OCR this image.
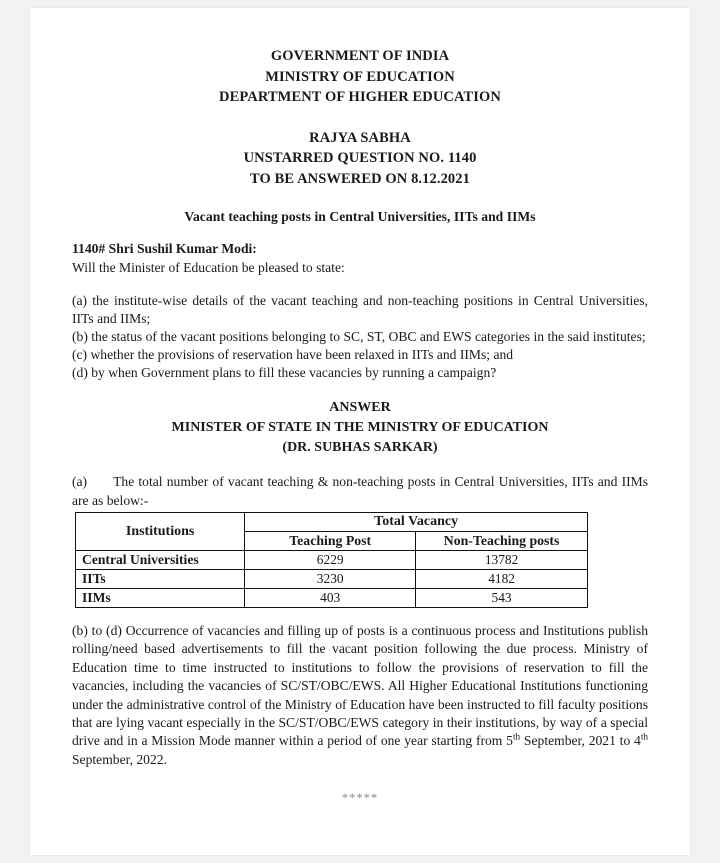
GOVERNMENT OF INDIA
MINISTRY OF EDUCATION
DEPARTMENT OF HIGHER EDUCATION
RAJYA SABHA
UNSTARRED QUESTION NO. 1140
TO BE ANSWERED ON 8.12.2021
Vacant teaching posts in Central Universities, IITs and IIMs
1140# Shri Sushil Kumar Modi:
Will the Minister of Education be pleased to state:
(a) the institute-wise details of the vacant teaching and non-teaching positions in Central Universities, IITs and IIMs;
(b) the status of the vacant positions belonging to SC, ST, OBC and EWS categories in the said institutes;
(c) whether the provisions of reservation have been relaxed in IITs and IIMs; and
(d) by when Government plans to fill these vacancies by running a campaign?
ANSWER
MINISTER OF STATE IN THE MINISTRY OF EDUCATION
(DR. SUBHAS SARKAR)
(a) The total number of vacant teaching & non-teaching posts in Central Universities, IITs and IIMs are as below:-
Institutions	Total Vacancy	
	Teaching Post	Non-Teaching posts
Central Universities	6229	13782
IITs	3230	4182
IIMs	403	543
(b) to (d) Occurrence of vacancies and filling up of posts is a continuous process and Institutions publish rolling/need based advertisements to fill the vacant position following the due process. Ministry of Education time to time instructed to institutions to follow the provisions of reservation to fill the vacancies, including the vacancies of SC/ST/OBC/EWS. All Higher Educational Institutions functioning under the administrative control of the Ministry of Education have been instructed to fill faculty positions that are lying vacant especially in the SC/ST/OBC/EWS category in their institutions, by way of a special drive and in a Mission Mode manner within a period of one year starting from 5th September, 2021 to 4th September, 2022.
*****
